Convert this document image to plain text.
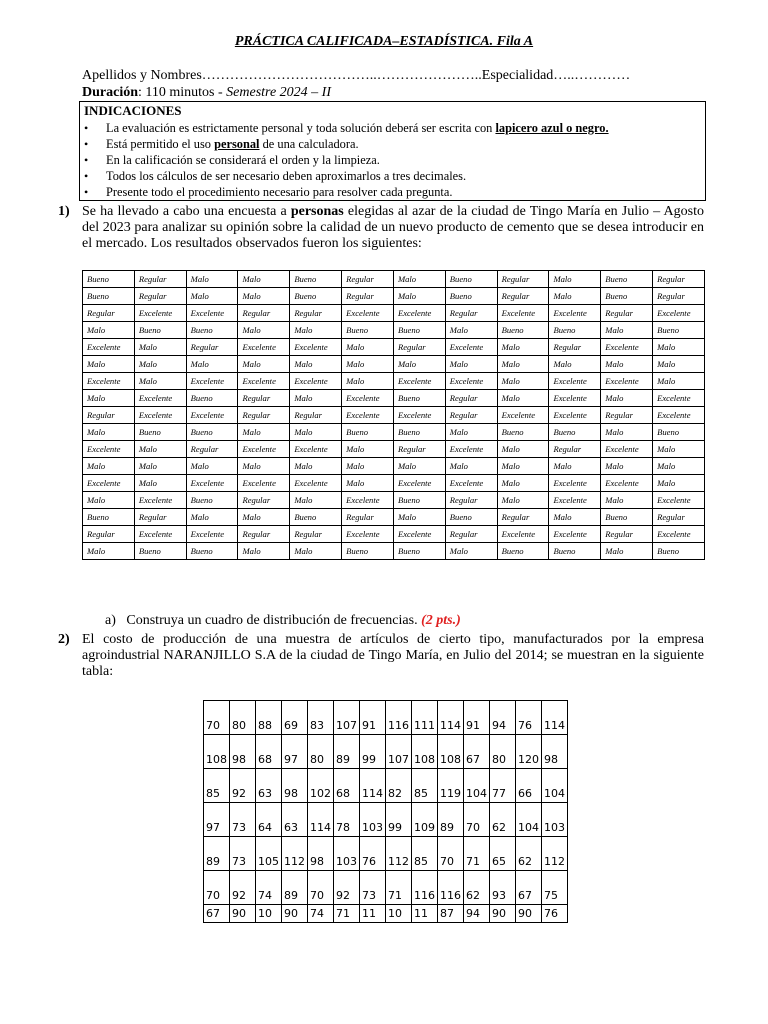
PRÁCTICA CALIFICADA–ESTADÍSTICA. Fila A
Apellidos y Nombres………………………………..…………………..Especialidad…..…………
Duración: 110 minutos - Semestre 2024 – II
INDICACIONES
• La evaluación es estrictamente personal y toda solución deberá ser escrita con lapicero azul o negro.
• Está permitido el uso personal de una calculadora.
• En la calificación se considerará el orden y la limpieza.
• Todos los cálculos de ser necesario deben aproximarlos a tres decimales.
• Presente todo el procedimiento necesario para resolver cada pregunta.
1) Se ha llevado a cabo una encuesta a personas elegidas al azar de la ciudad de Tingo María en Julio – Agosto del 2023 para analizar su opinión sobre la calidad de un nuevo producto de cemento que se desea introducir en el mercado. Los resultados observados fueron los siguientes:
Bueno	Regular	Malo	Malo	Bueno	Regular	Malo	Bueno	Regular	Malo	Bueno	Regular
Bueno	Regular	Malo	Malo	Bueno	Regular	Malo	Bueno	Regular	Malo	Bueno	Regular
Regular	Excelente	Excelente	Regular	Regular	Excelente	Excelente	Regular	Excelente	Excelente	Regular	Excelente
Malo	Bueno	Bueno	Malo	Malo	Bueno	Bueno	Malo	Bueno	Bueno	Malo	Bueno
Excelente	Malo	Regular	Excelente	Excelente	Malo	Regular	Excelente	Malo	Regular	Excelente	Malo
Malo	Malo	Malo	Malo	Malo	Malo	Malo	Malo	Malo	Malo	Malo	Malo
Excelente	Malo	Excelente	Excelente	Excelente	Malo	Excelente	Excelente	Malo	Excelente	Excelente	Malo
Malo	Excelente	Bueno	Regular	Malo	Excelente	Bueno	Regular	Malo	Excelente	Malo	Excelente
Regular	Excelente	Excelente	Regular	Regular	Excelente	Excelente	Regular	Excelente	Excelente	Regular	Excelente
Malo	Bueno	Bueno	Malo	Malo	Bueno	Bueno	Malo	Bueno	Bueno	Malo	Bueno
Excelente	Malo	Regular	Excelente	Excelente	Malo	Regular	Excelente	Malo	Regular	Excelente	Malo
Malo	Malo	Malo	Malo	Malo	Malo	Malo	Malo	Malo	Malo	Malo	Malo
Excelente	Malo	Excelente	Excelente	Excelente	Malo	Excelente	Excelente	Malo	Excelente	Excelente	Malo
Malo	Excelente	Bueno	Regular	Malo	Excelente	Bueno	Regular	Malo	Excelente	Malo	Excelente
Bueno	Regular	Malo	Malo	Bueno	Regular	Malo	Bueno	Regular	Malo	Bueno	Regular
Regular	Excelente	Excelente	Regular	Regular	Excelente	Excelente	Regular	Excelente	Excelente	Regular	Excelente
Malo	Bueno	Bueno	Malo	Malo	Bueno	Bueno	Malo	Bueno	Bueno	Malo	Bueno
a) Construya un cuadro de distribución de frecuencias. (2 pts.)
2) El costo de producción de una muestra de artículos de cierto tipo, manufacturados por la empresa agroindustrial NARANJILLO S.A de la ciudad de Tingo María, en Julio del 2014; se muestran en la siguiente tabla:
70	80	88	69	83	107	91	116	111	114	91	94	76	114
108	98	68	97	80	89	99	107	108	108	67	80	120	98
85	92	63	98	102	68	114	82	85	119	104	77	66	104
97	73	64	63	114	78	103	99	109	89	70	62	104	103
89	73	105	112	98	103	76	112	85	70	71	65	62	112
70	92	74	89	70	92	73	71	116	116	62	93	67	75
67	90	10	90	74	71	11	10	11	87	94	90	90	76
